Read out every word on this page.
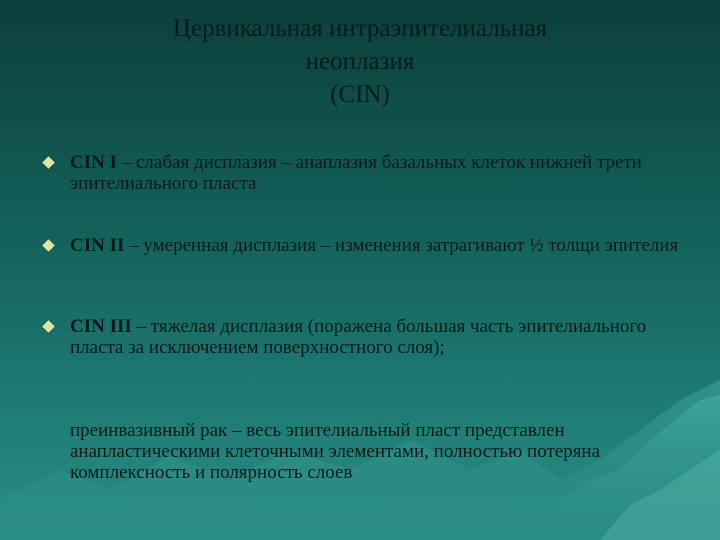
Цервикальная интраэпителиальная
неоплазия
(CIN)
CIN I – слабая дисплазия – анаплазия базальных клеток нижней трети эпителиального пласта
CIN II – умеренная дисплазия – изменения затрагивают ½ толщи эпителия
CIN III – тяжелая дисплазия (поражена большая часть эпителиального пласта за исключением поверхностного слоя);
преинвазивный рак – весь эпителиальный пласт представлен анапластическими клеточными элементами, полностью потеряна комплексность и полярность слоев
